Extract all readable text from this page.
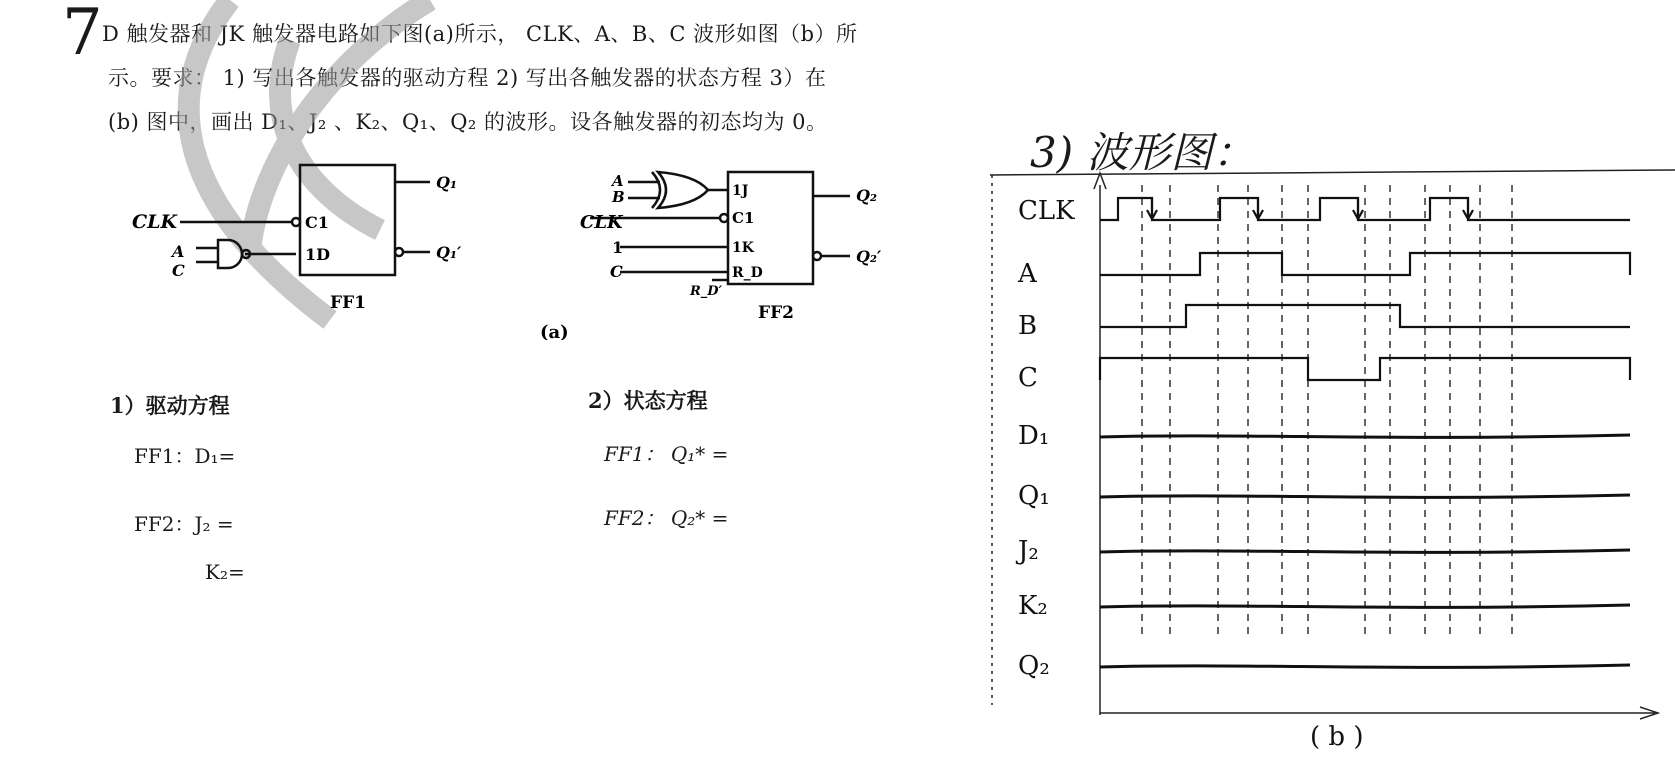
7 D 触发器和 JK 触发器电路如下图(a)所示， CLK、A、B、C 波形如图（b）所
示。要求： 1) 写出各触发器的驱动方程 2) 写出各触发器的状态方程 3）在
(b) 图中，画出 D₁、J₂ 、K₂、Q₁、Q₂ 的波形。设各触发器的初态均为 0。
CLK
A
C
C1
1D
Q₁
Q₁′
FF1
A
B
CLK
1
C
R_D′
1J
C1
1K
R_D
Q₂
Q₂′
FF2
(a)
1）驱动方程
FF1：D₁=
FF2：J₂ =
K₂=
2）状态方程
FF1： Q₁* =
FF2： Q₂* =
3) 波形图：
CLK
A
B
C
D₁
Q₁
J₂
K₂
Q₂
( b )
